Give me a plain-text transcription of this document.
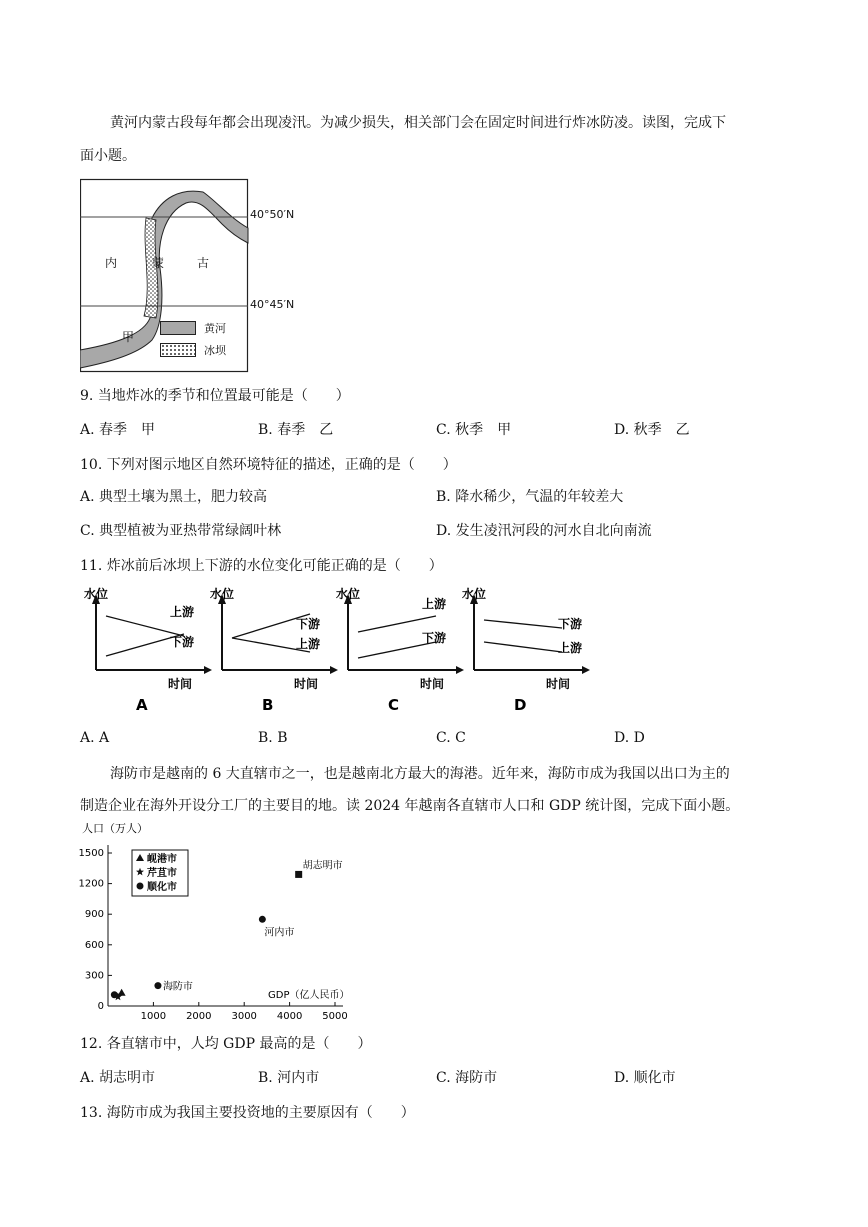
黄河内蒙古段每年都会出现凌汛。为减少损失，相关部门会在固定时间进行炸冰防凌。读图，完成下
面小题。
40°50′N
40°45′N
内	蒙	古
甲
黄河
冰坝
9. 当地炸冰的季节和位置最可能是（　　）
A. 春季　甲	B. 春季　乙	C. 秋季　甲	D. 秋季　乙
10. 下列对图示地区自然环境特征的描述，正确的是（　　）
A. 典型土壤为黑土，肥力较高	B. 降水稀少，气温的年较差大
C. 典型植被为亚热带常绿阔叶林	D. 发生凌汛河段的河水自北向南流
11. 炸冰前后冰坝上下游的水位变化可能正确的是（　　）
水位
时间
上游
下游
A
水位
时间
下游
上游
B
水位
时间
上游
下游
C
水位
时间
下游
上游
D
A. A	B. B	C. C	D. D
海防市是越南的 6 大直辖市之一，也是越南北方最大的海港。近年来，海防市成为我国以出口为主的
制造企业在海外开设分工厂的主要目的地。读 2024 年越南各直辖市人口和 GDP 统计图，完成下面小题。
人口（万人）
GDP（亿人民币）
0
300
600
900
1200
1500
1000 2000 3000 4000 5000
岘港市
芹苴市
顺化市
胡志明市
河内市
海防市
12. 各直辖市中，人均 GDP 最高的是（　　）
A. 胡志明市	B. 河内市	C. 海防市	D. 顺化市
13. 海防市成为我国主要投资地的主要原因有（　　）
